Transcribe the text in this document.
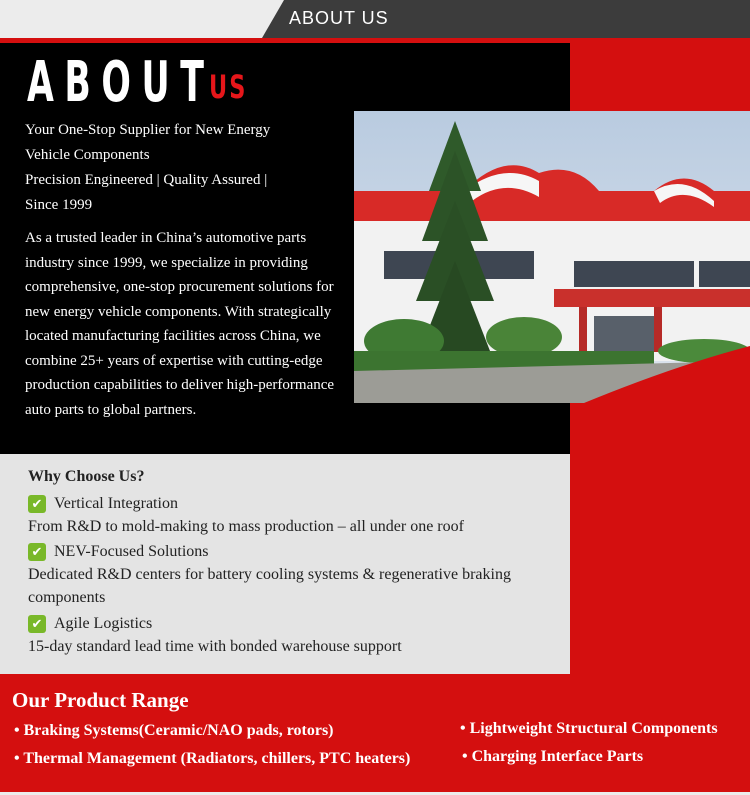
ABOUT US
ABOUT
US
Your One-Stop Supplier for New Energy
Vehicle Components
Precision Engineered | Quality Assured |
Since 1999
As a trusted leader in China’s automotive parts industry since 1999, we specialize in providing comprehensive, one-stop procurement solutions for new energy vehicle components. With strategically located manufacturing facilities across China, we combine 25+ years of expertise with cutting-edge production capabilities to deliver high-performance auto parts to global partners.
Why Choose Us?
✔ Vertical Integration
From R&D to mold-making to mass production – all under one roof
✔ NEV-Focused Solutions
Dedicated R&D centers for battery cooling systems & regenerative braking components
✔ Agile Logistics
15-day standard lead time with bonded warehouse support
Our Product Range
• Braking Systems(Ceramic/NAO pads, rotors)
• Thermal Management (Radiators, chillers, PTC heaters)
• Lightweight Structural Components
• Charging Interface Parts
